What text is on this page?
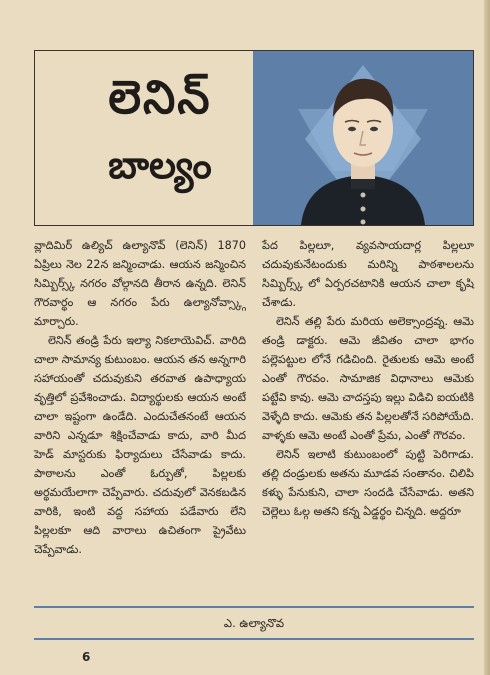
లెనిన్
బాల్యం

వ్లాదిమిర్ ఉల్యిచ్ ఉల్యానొవ్ (లెనిన్) 1870 ఏప్రిలు నెల 22న జన్మించాడు. ఆయన జన్మించిన సిమ్బిర్స్క్ నగరం వోల్గానది తీరాన ఉన్నది. లెనిన్ గౌరవార్థం ఆ నగరం పేరు ఉల్యానోవ్స్క్గా మార్చారు.

లెనిన్ తండ్రి పేరు ఇల్యా నికలాయెవిచ్. వారిది చాలా సామాన్య కుటుంబం. ఆయన తన అన్నగారి సహాయంతో చదువుకుని తరవాత ఉపాధ్యాయ వృత్తిలో ప్రవేశించాడు. విద్యార్థులకు ఆయన అంటే చాలా ఇష్టంగా ఉండేది. ఎందుచేతనంటే ఆయన వారిని ఎన్నడూ శిక్షించేవాడు కాదు, వారి మీద హెడ్ మాస్టరుకు ఫిర్యాదులు చేసేవాడు కాదు. పాఠాలను ఎంతో ఓర్పుతో, పిల్లలకు అర్థమయేలాగా చెప్పేవారు. చదువులో వెనకబడిన వారికి, ఇంటి వద్ద సహాయ పడేవారు లేని పిల్లలకూ ఆది వారాలు ఉచితంగా ప్రైవేటు చెప్పేవాడు.

పేద పిల్లలూ, వ్యవసాయదార్ల పిల్లలూ చదువుకునేటందుకు మరిన్ని పాఠశాలలను సిమ్బిర్స్క్ లో ఏర్పరచటానికి ఆయన చాలా కృషి చేశాడు.

లెనిన్ తల్లి పేరు మరియ అలెక్సాంద్రవ్న. ఆమె తండ్రి డాక్టరు. ఆమె జీవితం చాలా భాగం పల్లెపట్టుల లోనే గడిచింది. రైతులకు ఆమె అంటే ఎంతో గౌరవం. సామాజిక విధానాలు ఆమెకు పట్టేవి కావు. ఆమె చాదస్తపు ఇల్లు విడిచి ఐయటికి వెళ్ళేది కాదు. ఆమెకు తన పిల్లలతోనే సరిపోయేది. వాళ్ళకు ఆమె అంటే ఎంతో ప్రేమ, ఎంతో గౌరవం.

లెనిన్ ఇలాటి కుటుంబంలో పుట్టి పెరిగాడు. తల్లి దండ్రులకు అతను మూడవ సంతానం. చిలిపి కళ్ళు పేనుకుని, చాలా సందడి చేసేవాడు. అతని చెల్లెలు ఓల్గ అతని కన్న ఏడ్డర్థం చిన్నది. అద్దరూ

ఎ. ఉల్యానొవ
6
